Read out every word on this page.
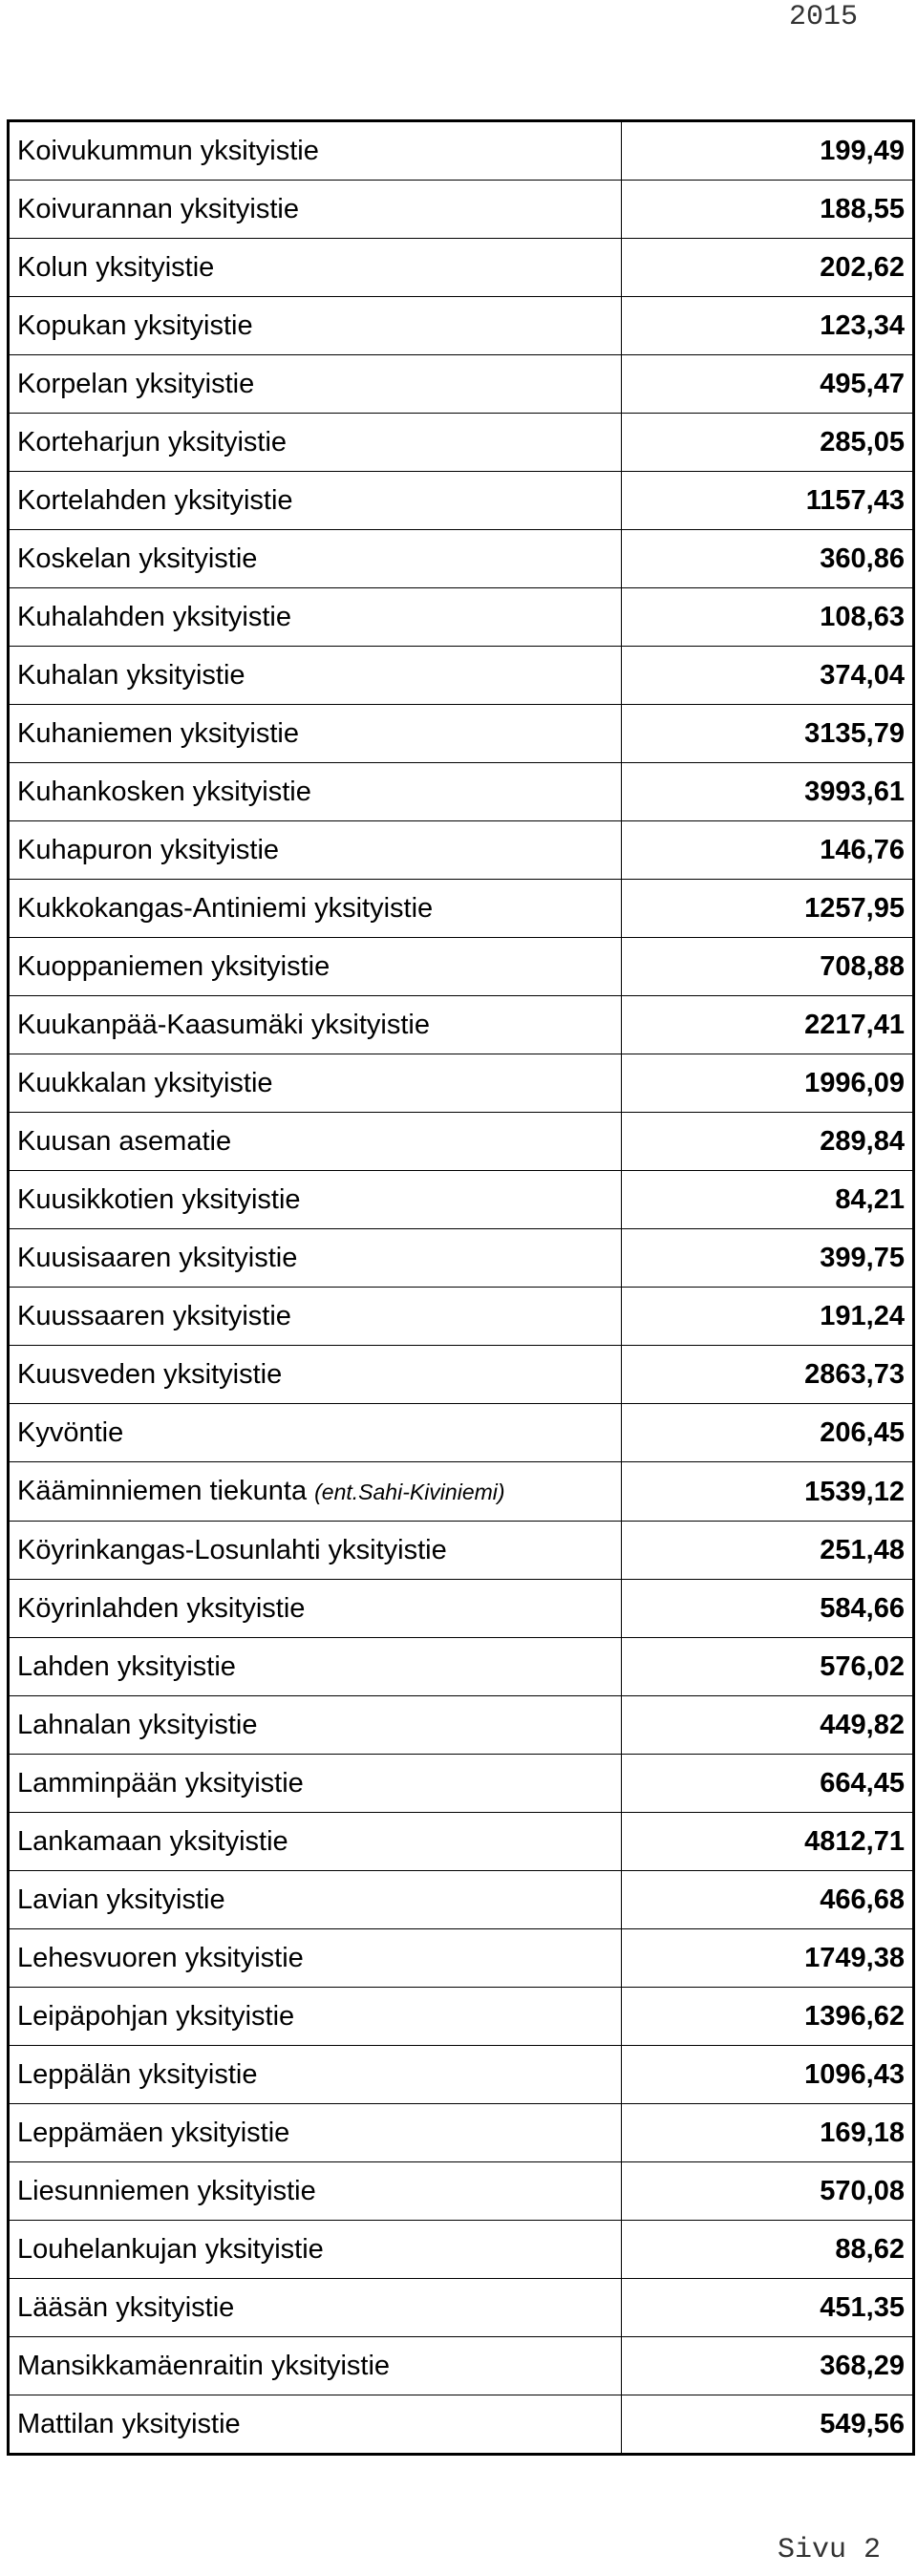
2015
Koivukummun yksityistie	199,49
Koivurannan yksityistie	188,55
Kolun yksityistie	202,62
Kopukan yksityistie	123,34
Korpelan yksityistie	495,47
Korteharjun yksityistie	285,05
Kortelahden yksityistie	1157,43
Koskelan yksityistie	360,86
Kuhalahden yksityistie	108,63
Kuhalan yksityistie	374,04
Kuhaniemen yksityistie	3135,79
Kuhankosken yksityistie	3993,61
Kuhapuron yksityistie	146,76
Kukkokangas-Antiniemi yksityistie	1257,95
Kuoppaniemen yksityistie	708,88
Kuukanpää-Kaasumäki yksityistie	2217,41
Kuukkalan yksityistie	1996,09
Kuusan asematie	289,84
Kuusikkotien yksityistie	84,21
Kuusisaaren yksityistie	399,75
Kuussaaren yksityistie	191,24
Kuusveden yksityistie	2863,73
Kyvöntie	206,45
Kääminniemen tiekunta (ent.Sahi-Kiviniemi)	1539,12
Köyrinkangas-Losunlahti yksityistie	251,48
Köyrinlahden yksityistie	584,66
Lahden yksityistie	576,02
Lahnalan yksityistie	449,82
Lamminpään yksityistie	664,45
Lankamaan yksityistie	4812,71
Lavian yksityistie	466,68
Lehesvuoren yksityistie	1749,38
Leipäpohjan yksityistie	1396,62
Leppälän yksityistie	1096,43
Leppämäen yksityistie	169,18
Liesunniemen yksityistie	570,08
Louhelankujan yksityistie	88,62
Lääsän yksityistie	451,35
Mansikkamäenraitin yksityistie	368,29
Mattilan yksityistie	549,56
Sivu 2
